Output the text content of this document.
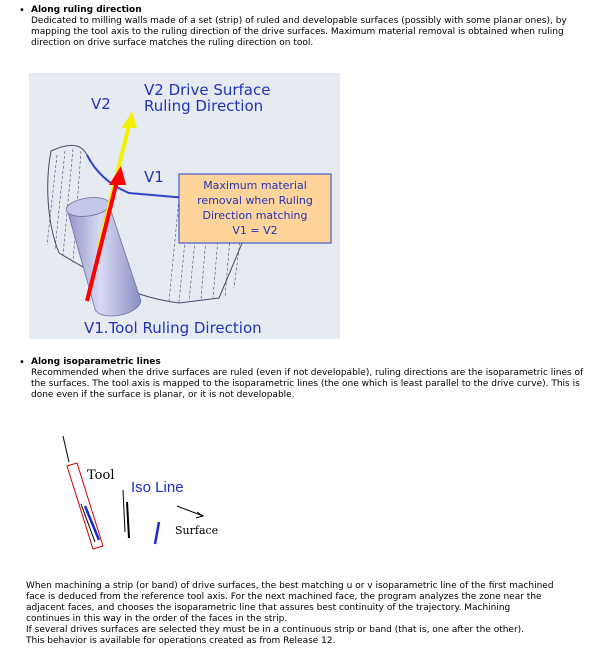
• Along ruling direction
Dedicated to milling walls made of a set (strip) of ruled and developable surfaces (possibly with some planar ones), by
mapping the tool axis to the ruling direction of the drive surfaces. Maximum material removal is obtained when ruling
direction on drive surface matches the ruling direction on tool.
V2
V2 Drive Surface
Ruling Direction
V1
V1.Tool Ruling Direction
Maximum material
removal when Ruling
Direction matching
V1 = V2
• Along isoparametric lines
Recommended when the drive surfaces are ruled (even if not developable), ruling directions are the isoparametric lines of
the surfaces. The tool axis is mapped to the isoparametric lines (the one which is least parallel to the drive curve). This is
done even if the surface is planar, or it is not developable.
Tool
Iso Line
Surface
When machining a strip (or band) of drive surfaces, the best matching u or v isoparametric line of the first machined
face is deduced from the reference tool axis. For the next machined face, the program analyzes the zone near the
adjacent faces, and chooses the isoparametric line that assures best continuity of the trajectory. Machining
continues in this way in the order of the faces in the strip.
If several drives surfaces are selected they must be in a continuous strip or band (that is, one after the other).
This behavior is available for operations created as from Release 12.
